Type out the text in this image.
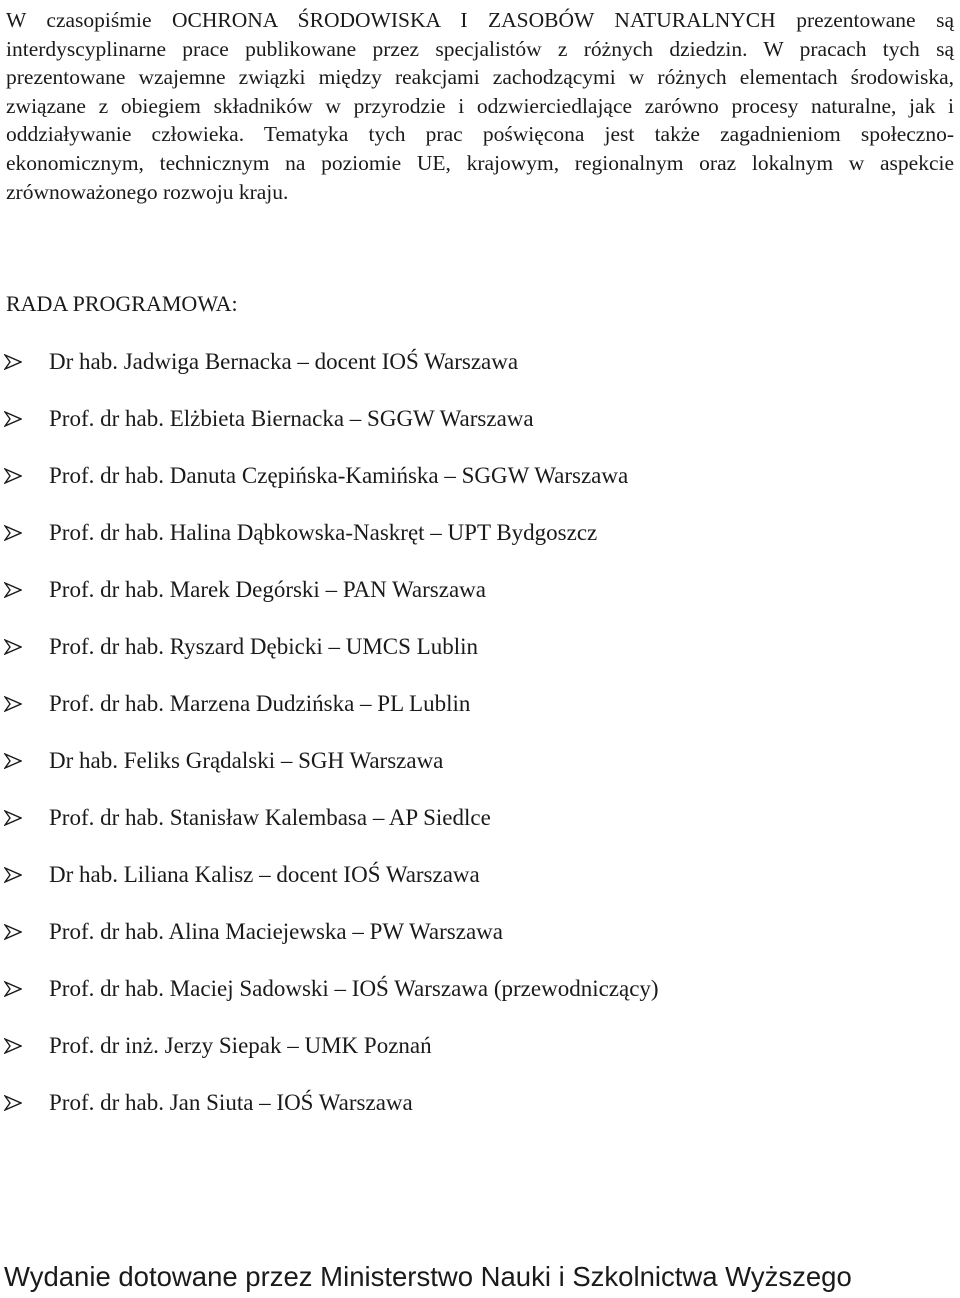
W czasopiśmie OCHRONA ŚRODOWISKA I ZASOBÓW NATURALNYCH prezentowane są interdyscyplinarne prace publikowane przez specjalistów z różnych dziedzin. W pracach tych są prezentowane wzajemne związki między reakcjami zachodzącymi w różnych elementach środowiska, związane z obiegiem składników w przyrodzie i odzwierciedlające zarówno procesy naturalne, jak i oddziaływanie człowieka. Tematyka tych prac poświęcona jest także zagadnieniom społeczno-ekonomicznym, technicznym na poziomie UE, krajowym, regionalnym oraz lokalnym w aspekcie zrównoważonego rozwoju kraju.

RADA PROGRAMOWA:
Dr hab. Jadwiga Bernacka – docent IOŚ Warszawa
Prof. dr hab. Elżbieta Biernacka – SGGW Warszawa
Prof. dr hab. Danuta Czępińska-Kamińska – SGGW Warszawa
Prof. dr hab. Halina Dąbkowska-Naskręt – UPT Bydgoszcz
Prof. dr hab. Marek Degórski – PAN Warszawa
Prof. dr hab. Ryszard Dębicki – UMCS Lublin
Prof. dr hab. Marzena Dudzińska – PL Lublin
Dr hab. Feliks Grądalski – SGH Warszawa
Prof. dr hab. Stanisław Kalembasa – AP Siedlce
Dr hab. Liliana Kalisz – docent IOŚ Warszawa
Prof. dr hab. Alina Maciejewska – PW Warszawa
Prof. dr hab. Maciej Sadowski – IOŚ Warszawa (przewodniczący)
Prof. dr inż. Jerzy Siepak – UMK Poznań
Prof. dr hab. Jan Siuta – IOŚ Warszawa

Wydanie dotowane przez Ministerstwo Nauki i Szkolnictwa Wyższego
